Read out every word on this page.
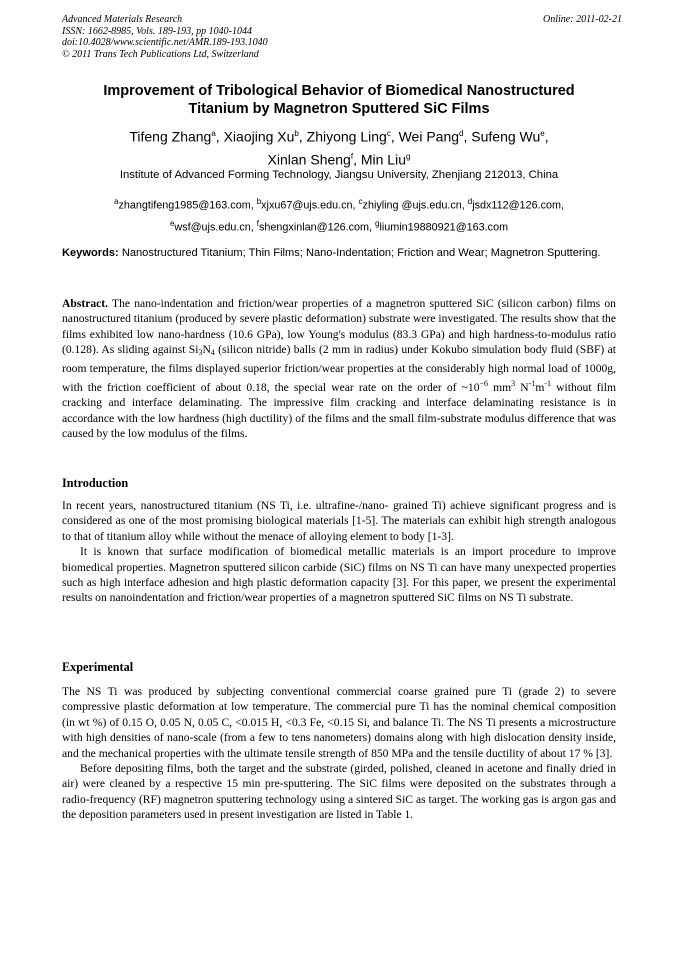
Advanced Materials Research
ISSN: 1662-8985, Vols. 189-193, pp 1040-1044
doi:10.4028/www.scientific.net/AMR.189-193.1040
© 2011 Trans Tech Publications Ltd, Switzerland
Online: 2011-02-21
Improvement of Tribological Behavior of Biomedical Nanostructured
Titanium by Magnetron Sputtered SiC Films
Tifeng Zhang$^a$, Xiaojing Xu$^b$, Zhiyong Ling$^c$, Wei Pang$^d$, Sufeng Wu$^e$,
Xinlan Sheng$^f$, Min Liu$^g$
Institute of Advanced Forming Technology, Jiangsu University, Zhenjiang 212013, China
$^a$zhangtifeng1985@163.com, $^b$xjxu67@ujs.edu.cn, $^c$zhiyling @ujs.edu.cn, $^d$jsdx112@126.com,
$^e$wsf@ujs.edu.cn, $^f$shengxinlan@126.com, $^g$liumin19880921@163.com
Keywords: Nanostructured Titanium; Thin Films; Nano-Indentation; Friction and Wear; Magnetron Sputtering.
Abstract. The nano-indentation and friction/wear properties of a magnetron sputtered SiC (silicon carbon) films on nanostructured titanium (produced by severe plastic deformation) substrate were investigated. The results show that the films exhibited low nano-hardness (10.6 GPa), low Young's modulus (83.3 GPa) and high hardness-to-modulus ratio (0.128). As sliding against $Si_3N_4$ (silicon nitride) balls (2 mm in radius) under Kokubo simulation body fluid (SBF) at room temperature, the films displayed superior friction/wear properties at the considerably high normal load of 1000g, with the friction coefficient of about 0.18, the special wear rate on the order of $\sim 10^{-6}$ $mm^3$ $N^{-1}m^{-1}$ without film cracking and interface delaminating. The impressive film cracking and interface delaminating resistance is in accordance with the low hardness (high ductility) of the films and the small film-substrate modulus difference that was caused by the low modulus of the films.
Introduction

In recent years, nanostructured titanium (NS Ti, i.e. ultrafine-/nano- grained Ti) achieve significant progress and is considered as one of the most promising biological materials [1-5]. The materials can exhibit high strength analogous to that of titanium alloy while without the menace of alloying element to body [1-3].

It is known that surface modification of biomedical metallic materials is an import procedure to improve biomedical properties. Magnetron sputtered silicon carbide (SiC) films on NS Ti can have many unexpected properties such as high interface adhesion and high plastic deformation capacity [3]. For this paper, we present the experimental results on nanoindentation and friction/wear properties of a magnetron sputtered SiC films on NS Ti substrate.

Experimental

The NS Ti was produced by subjecting conventional commercial coarse grained pure Ti (grade 2) to severe compressive plastic deformation at low temperature. The commercial pure Ti has the nominal chemical composition (in wt %) of 0.15 O, 0.05 N, 0.05 C, <0.015 H, <0.3 Fe, <0.15 Si, and balance Ti. The NS Ti presents a microstructure with high densities of nano-scale (from a few to tens nanometers) domains along with high dislocation density inside, and the mechanical properties with the ultimate tensile strength of 850 MPa and the tensile ductility of about 17 % [3].

Before depositing films, both the target and the substrate (girded, polished, cleaned in acetone and finally dried in air) were cleaned by a respective 15 min pre-sputtering. The SiC films were deposited on the substrates through a radio-frequency (RF) magnetron sputtering technology using a sintered SiC as target. The working gas is argon gas and the deposition parameters used in present investigation are listed in Table 1.
